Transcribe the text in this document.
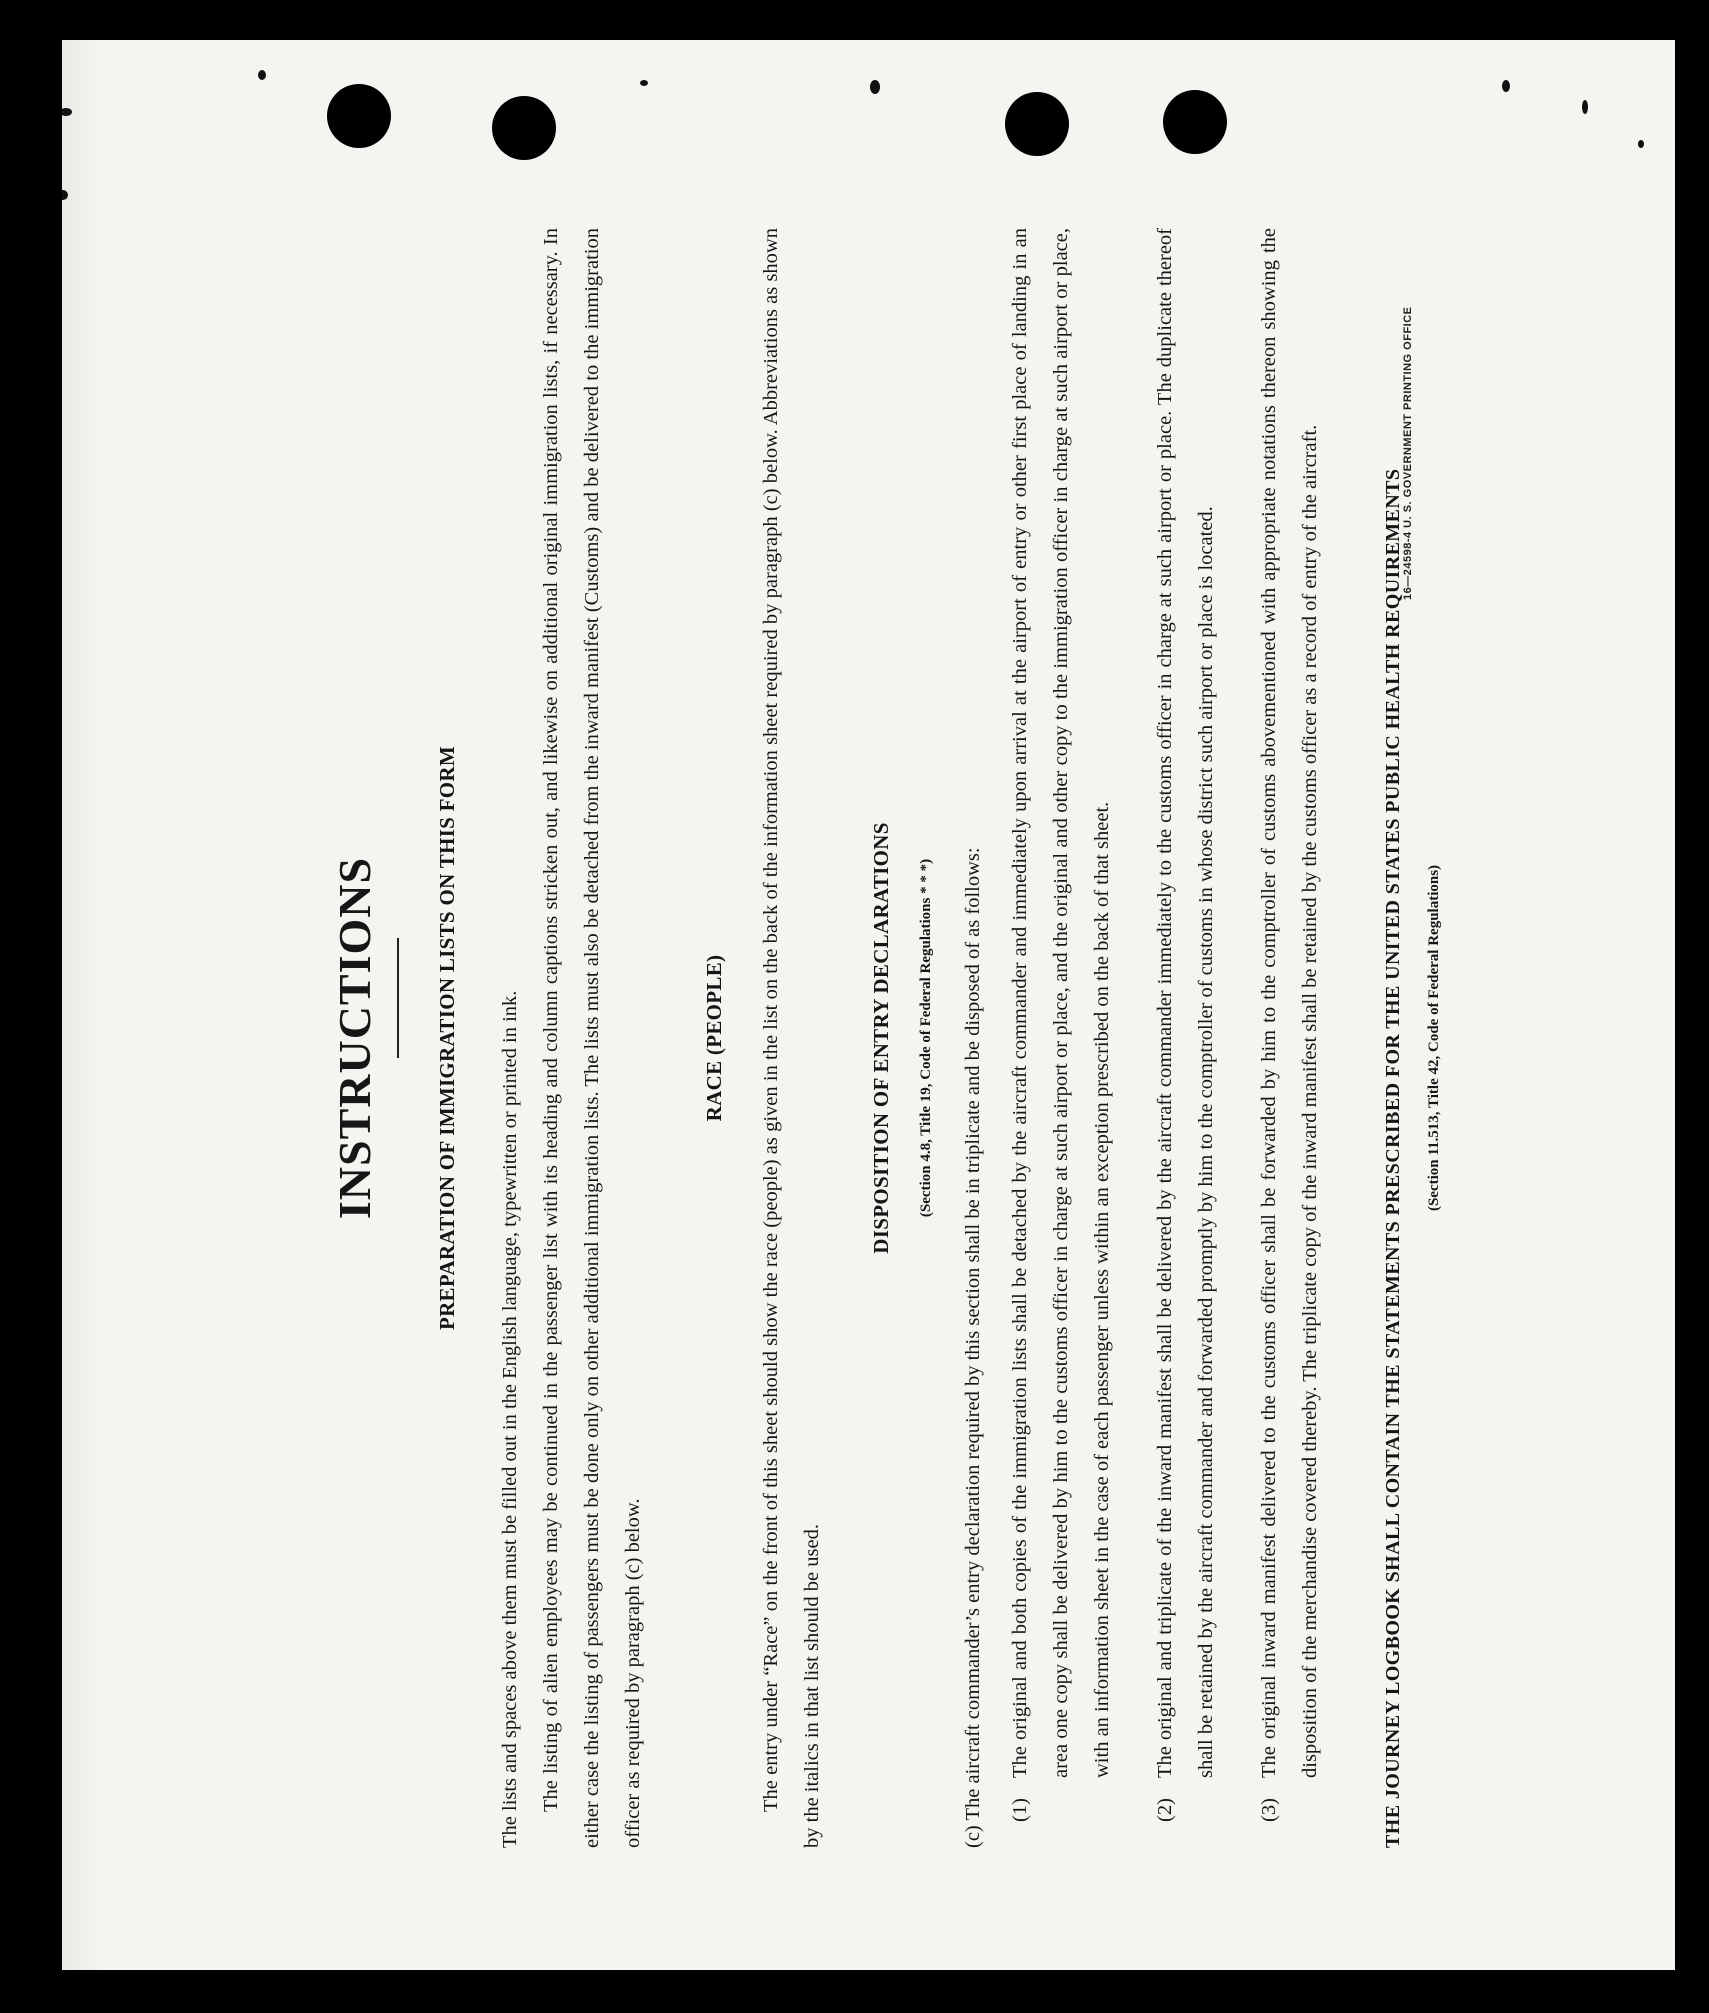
16—24598-4 U. S. GOVERNMENT PRINTING OFFICE
INSTRUCTIONS	PREPARATION OF IMMIGRATION LISTS ON THIS FORM	The lists and spaces above them must be filled out in the English language, typewritten or printed in ink. The listing of alien employees may be continued in the passenger list with its heading and column captions stricken out, and likewise on additional original immigration lists, if necessary. In either case the listing of passengers must be done only on other additional immigration lists. The lists must also be detached from the inward manifest (Customs) and be delivered to the immigration officer as required by paragraph (c) below.

RACE (PEOPLE)	The entry under “Race” on the front of this sheet should show the race (people) as given in the list on the back of the information sheet required by paragraph (c) below. Abbreviations as shown by the italics in that list should be used.

DISPOSITION OF ENTRY DECLARATIONS	(Section 4.8, Title 19, Code of Federal Regulations * * *)	(c) The aircraft commander’s entry declaration required by this section shall be in triplicate and be disposed of as follows:	(1)
The original and both copies of the immigration lists shall be detached by the aircraft commander and immediately upon arrival at the airport of entry or other first place of landing in an area one copy shall be delivered by him to the customs officer in charge at such airport or place, and the original and other copy to the immigration officer in charge at such airport or place, with an information sheet in the case of each passenger unless within an exception prescribed on the back of that sheet.

(2)
The original and triplicate of the inward manifest shall be delivered by the aircraft commander immediately to the customs officer in charge at such airport or place. The duplicate thereof shall be retained by the aircraft commander and forwarded promptly by him to the comptroller of customs in whose district such airport or place is located.

(3)
The original inward manifest delivered to the customs officer shall be forwarded by him to the comptroller of customs abovementioned with appropriate notations thereon showing the disposition of the merchandise covered thereby. The triplicate copy of the inward manifest shall be retained by the customs officer as a record of entry of the aircraft.	THE JOURNEY LOGBOOK SHALL CONTAIN THE STATEMENTS PRESCRIBED FOR THE UNITED STATES PUBLIC HEALTH REQUIREMENTS	(Section 11.513, Title 42, Code of Federal Regulations)
